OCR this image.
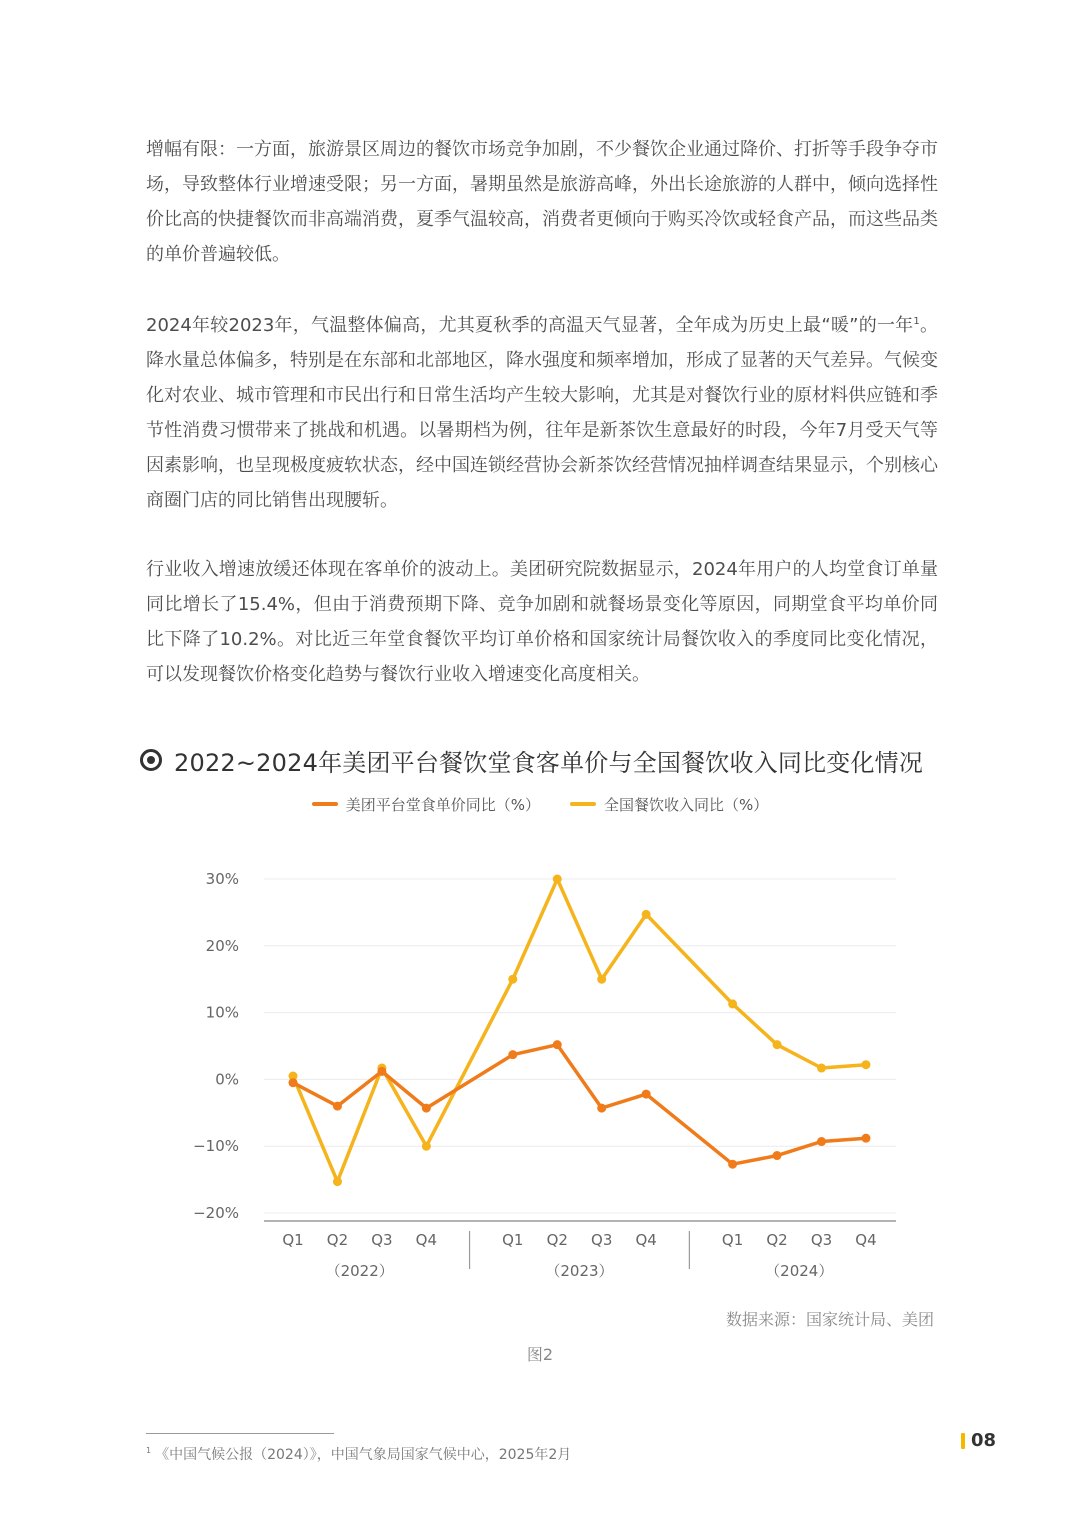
增幅有限：一方面，旅游景区周边的餐饮市场竞争加剧，不少餐饮企业通过降价、打折等手段争夺市场，导致整体行业增速受限；另一方面，暑期虽然是旅游高峰，外出长途旅游的人群中，倾向选择性价比高的快捷餐饮而非高端消费，夏季气温较高，消费者更倾向于购买冷饮或轻食产品，而这些品类的单价普遍较低。

2024年较2023年，气温整体偏高，尤其夏秋季的高温天气显著，全年成为历史上最“暖”的一年$^1$。降水量总体偏多，特别是在东部和北部地区，降水强度和频率增加，形成了显著的天气差异。气候变化对农业、城市管理和市民出行和日常生活均产生较大影响，尤其是对餐饮行业的原材料供应链和季节性消费习惯带来了挑战和机遇。以暑期档为例，往年是新茶饮生意最好的时段，今年7月受天气等因素影响，也呈现极度疲软状态，经中国连锁经营协会新茶饮经营情况抽样调查结果显示，个别核心商圈门店的同比销售出现腰斩。

行业收入增速放缓还体现在客单价的波动上。美团研究院数据显示，2024年用户的人均堂食订单量同比增长了15.4%，但由于消费预期下降、竞争加剧和就餐场景变化等原因，同期堂食平均单价同比下降了10.2%。对比近三年堂食餐饮平均订单价格和国家统计局餐饮收入的季度同比变化情况，可以发现餐饮价格变化趋势与餐饮行业收入增速变化高度相关。

2022~2024年美团平台餐饮堂食客单价与全国餐饮收入同比变化情况
美团平台堂食单价同比（%）	全国餐饮收入同比（%）
30%
20%
10%
0%
−10%
−20%
Q1 Q2 Q3 Q4	Q1 Q2 Q3 Q4	Q1 Q2 Q3 Q4
（2022）	（2023）	（2024）
数据来源：国家统计局、美团
图2
$^1$ 《中国气候公报（2024）》，中国气象局国家气候中心，2025年2月
08
